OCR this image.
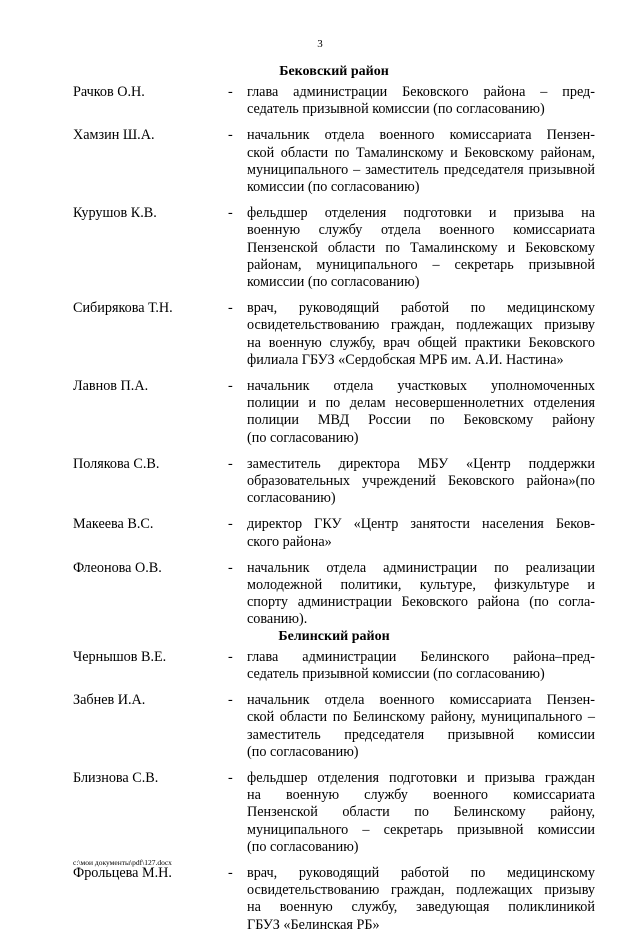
3
Бековский район
Рачков О.Н.	- глава администрации Бековского района – пред-
седатель призывной комиссии (по согласованию)
Хамзин Ш.А.	- начальник отдела военного комиссариата Пензен-
ской области по Тамалинскому и Бековскому районам,
муниципального – заместитель председателя призывной
комиссии (по согласованию)
Курушов К.В.	- фельдшер отделения подготовки и призыва на
военную службу отдела военного комиссариата
Пензенской области по Тамалинскому и Бековскому
районам, муниципального – секретарь призывной
комиссии (по согласованию)
Сибирякова Т.Н.	- врач, руководящий работой по медицинскому
освидетельствованию граждан, подлежащих призыву
на военную службу, врач общей практики Бековского
филиала ГБУЗ «Сердобская МРБ им. А.И. Настина»
Лавнов П.А.	- начальник отдела участковых уполномоченных
полиции и по делам несовершеннолетних отделения
полиции МВД России по Бековскому району
(по согласованию)
Полякова С.В.	- заместитель директора МБУ «Центр поддержки
образовательных учреждений Бековского района»(по
согласованию)
Макеева В.С.	- директор ГКУ «Центр занятости населения Беков-
ского района»
Флеонова О.В.	- начальник отдела администрации по реализации
молодежной политики, культуре, физкультуре и
спорту администрации Бековского района (по согла-
сованию).
Белинский район
Чернышов В.Е.	- глава администрации Белинского района–пред-
седатель призывной комиссии (по согласованию)
Забнев И.А.	- начальник отдела военного комиссариата Пензен-
ской области по Белинскому району, муниципального –
заместитель председателя призывной комиссии
(по согласованию)
Близнова С.В.	- фельдшер отделения подготовки и призыва граждан
на военную службу военного комиссариата
Пензенской области по Белинскому району,
муниципального – секретарь призывной комиссии
(по согласованию)
Фрольцева М.Н.	- врач, руководящий работой по медицинскому
освидетельствованию граждан, подлежащих призыву
на военную службу, заведующая поликлиникой
ГБУЗ «Белинская РБ»
c:\мои документы\pdf\127.docx
